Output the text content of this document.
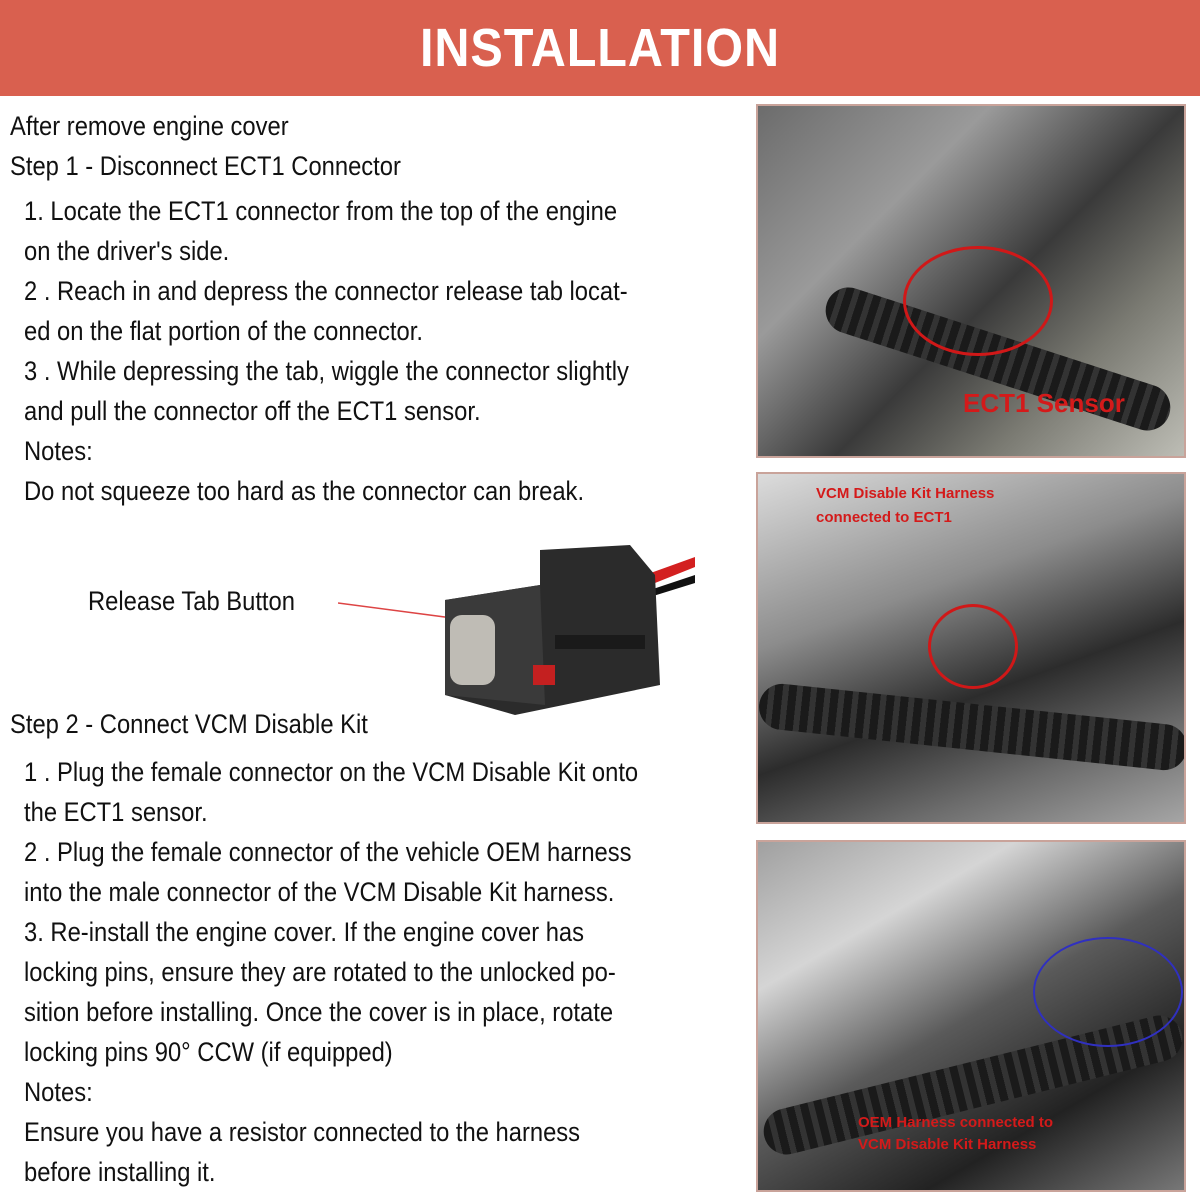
INSTALLATION
After remove engine cover
Step 1 - Disconnect ECT1 Connector
1. Locate the ECT1 connector from the top of the engine
on the driver's side.
2 . Reach in and depress the connector release tab locat-
ed on the flat portion of the connector.
3 . While depressing the tab, wiggle the connector slightly
and pull the connector off the ECT1 sensor.
Notes:
Do not squeeze too hard as the connector can break.
Release Tab Button
Step 2 - Connect VCM Disable Kit
1 . Plug the female connector on the VCM Disable Kit onto
the ECT1 sensor.
2 . Plug the female connector of the vehicle OEM harness
into the male connector of the VCM Disable Kit harness.
3. Re-install the engine cover. If the engine cover has
locking pins, ensure they are rotated to the unlocked po-
sition before installing. Once the cover is in place, rotate
locking pins 90° CCW (if equipped)
Notes:
Ensure you have a resistor connected to the harness
before installing it.
ECT1 Sensor
VCM Disable Kit Harness
connected to ECT1
OEM Harness connected to
VCM Disable Kit Harness
